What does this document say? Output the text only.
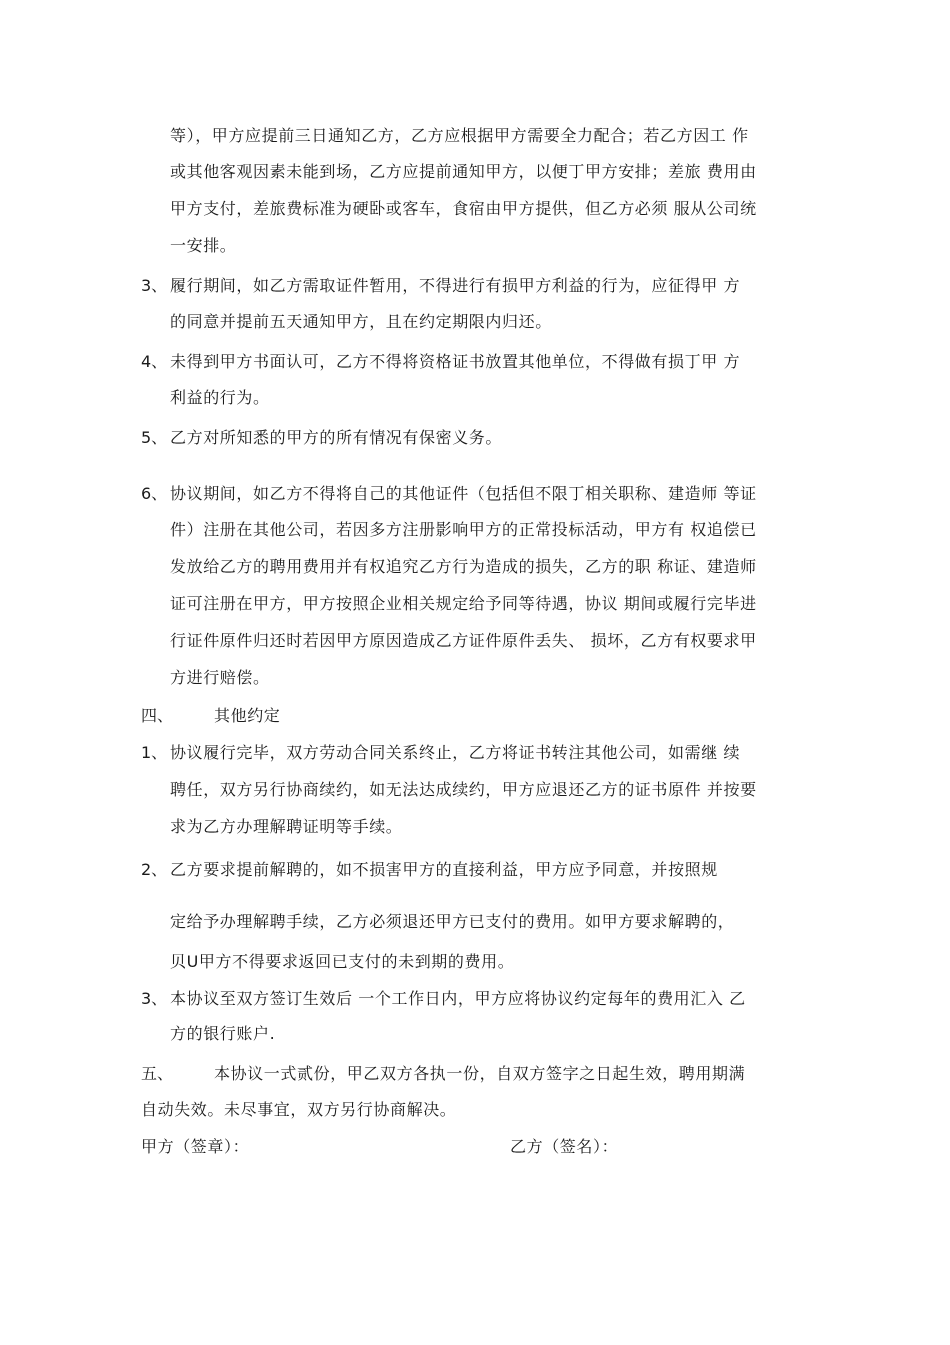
等），甲方应提前三日通知乙方，乙方应根据甲方需要全力配合；若乙方因工 作
或其他客观因素未能到场，乙方应提前通知甲方，以便丁甲方安排；差旅 费用由
甲方支付，差旅费标准为硬卧或客车，食宿由甲方提供，但乙方必须 服从公司统
一安排。
3、 履行期间，如乙方需取证件暂用，不得进行有损甲方利益的行为，应征得甲 方
的同意并提前五天通知甲方，且在约定期限内归还。
4、 未得到甲方书面认可，乙方不得将资格证书放置其他单位，不得做有损丁甲 方
利益的行为。
5、 乙方对所知悉的甲方的所有情况有保密义务。
6、 协议期间，如乙方不得将自己的其他证件（包括但不限丁相关职称、建造师 等证
件）注册在其他公司，若因多方注册影响甲方的正常投标活动，甲方有 权追偿已
发放给乙方的聘用费用并有权追究乙方行为造成的损失，乙方的职 称证、建造师
证可注册在甲方，甲方按照企业相关规定给予同等待遇，协议 期间或履行完毕进
行证件原件归还时若因甲方原因造成乙方证件原件丢失、 损坏，乙方有权要求甲
方进行赔偿。
四、	其他约定
1、 协议履行完毕，双方劳动合同关系终止，乙方将证书转注其他公司，如需继 续
聘任，双方另行协商续约，如无法达成续约，甲方应退还乙方的证书原件 并按要
求为乙方办理解聘证明等手续。
2、 乙方要求提前解聘的，如不损害甲方的直接利益，甲方应予同意，并按照规
定给予办理解聘手续，乙方必须退还甲方已支付的费用。如甲方要求解聘的，
贝U甲方不得要求返回已支付的未到期的费用。
3、 本协议至双方签订生效后 一个工作日内，甲方应将协议约定每年的费用汇入 乙
方的银行账户.
五、	本协议一式贰份，甲乙双方各执一份，自双方签字之日起生效，聘用期满
自动失效。未尽事宜，双方另行协商解决。
甲方（签章）：	乙方（签名）：
